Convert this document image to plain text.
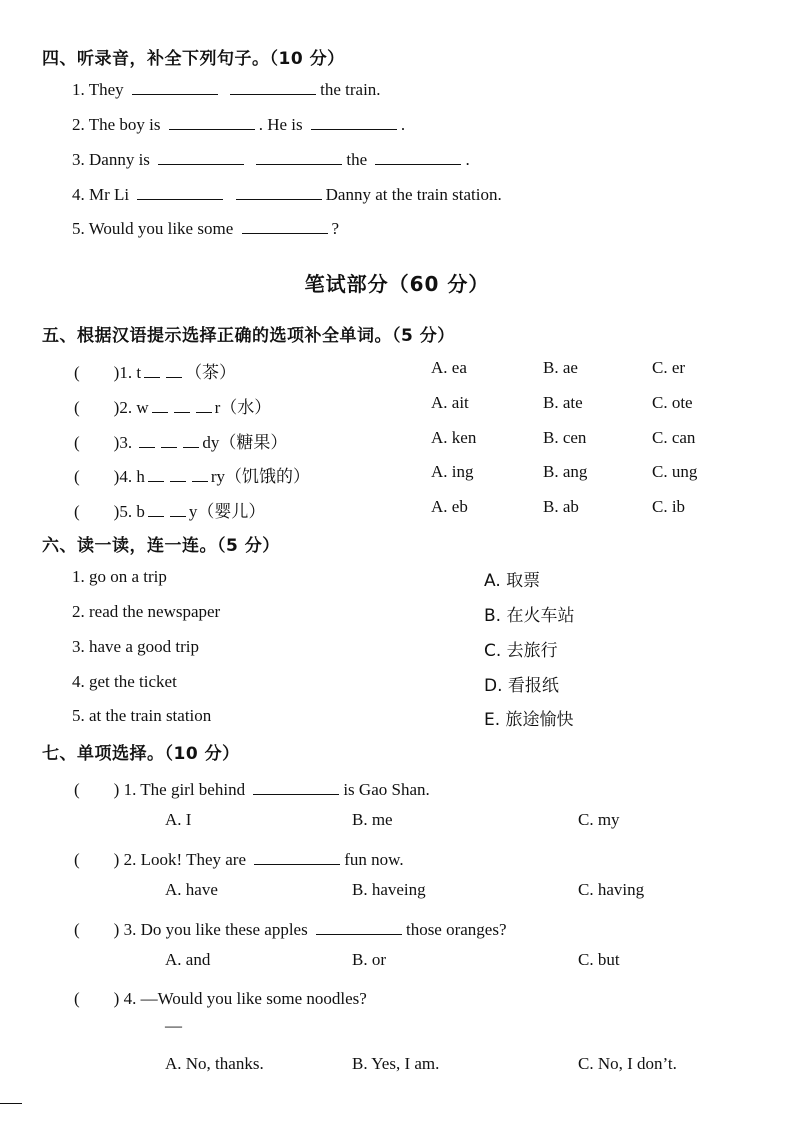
四、听录音，补全下列句子。（10 分）
1. They	the train.
2. The boy is	. He is	.
3. Danny is	the	.
4. Mr Li	Danny at the train station.
5. Would you like some	?
笔试部分（60 分）
五、根据汉语提示选择正确的选项补全单词。（5 分）
(　　)1. t	（茶）	A. ea	B. ae	C. er
(　　)2. w	r（水）	A. ait	B. ate	C. ote
(　　)3.	dy（糖果）	A. ken	B. cen	C. can
(　　)4. h	ry（饥饿的）	A. ing	B. ang	C. ung
(　　)5. b	y（婴儿）	A. eb	B. ab	C. ib
六、读一读，连一连。（5 分）
1. go on a trip
2. read the newspaper
3. have a good trip
4. get the ticket
5. at the train station
A. 取票
B. 在火车站
C. 去旅行
D. 看报纸
E. 旅途愉快
七、单项选择。（10 分）
(　　) 1. The girl behind	is Gao Shan.
A. I	B. me	C. my
(　　) 2. Look! They are	fun now.
A. have	B. haveing	C. having
(　　) 3. Do you like these apples	those oranges?
A. and	B. or	C. but
(　　) 4. —Would you like some noodles?
—
A. No, thanks.	B. Yes, I am.	C. No, I don’t.
